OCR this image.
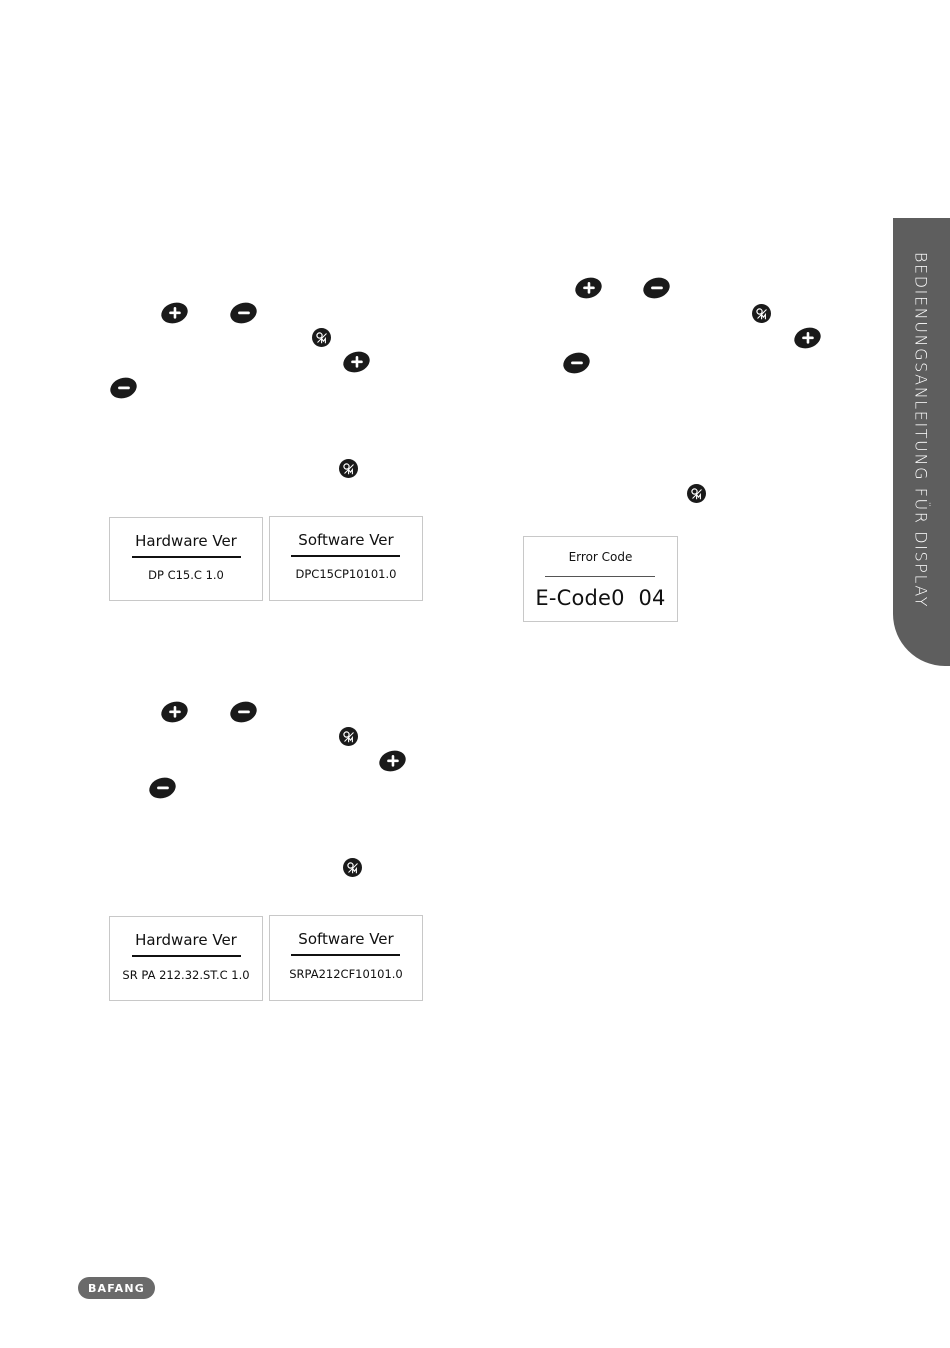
BEDIENUNGSANLEITUNG FÜR DISPLAY
Hardware Ver
DP C15.C 1.0
Software Ver
DPC15CP10101.0
Hardware Ver
SR PA 212.32.ST.C 1.0
Software Ver
SRPA212CF10101.0
Error Code
E-Code0  04
BAFANG
